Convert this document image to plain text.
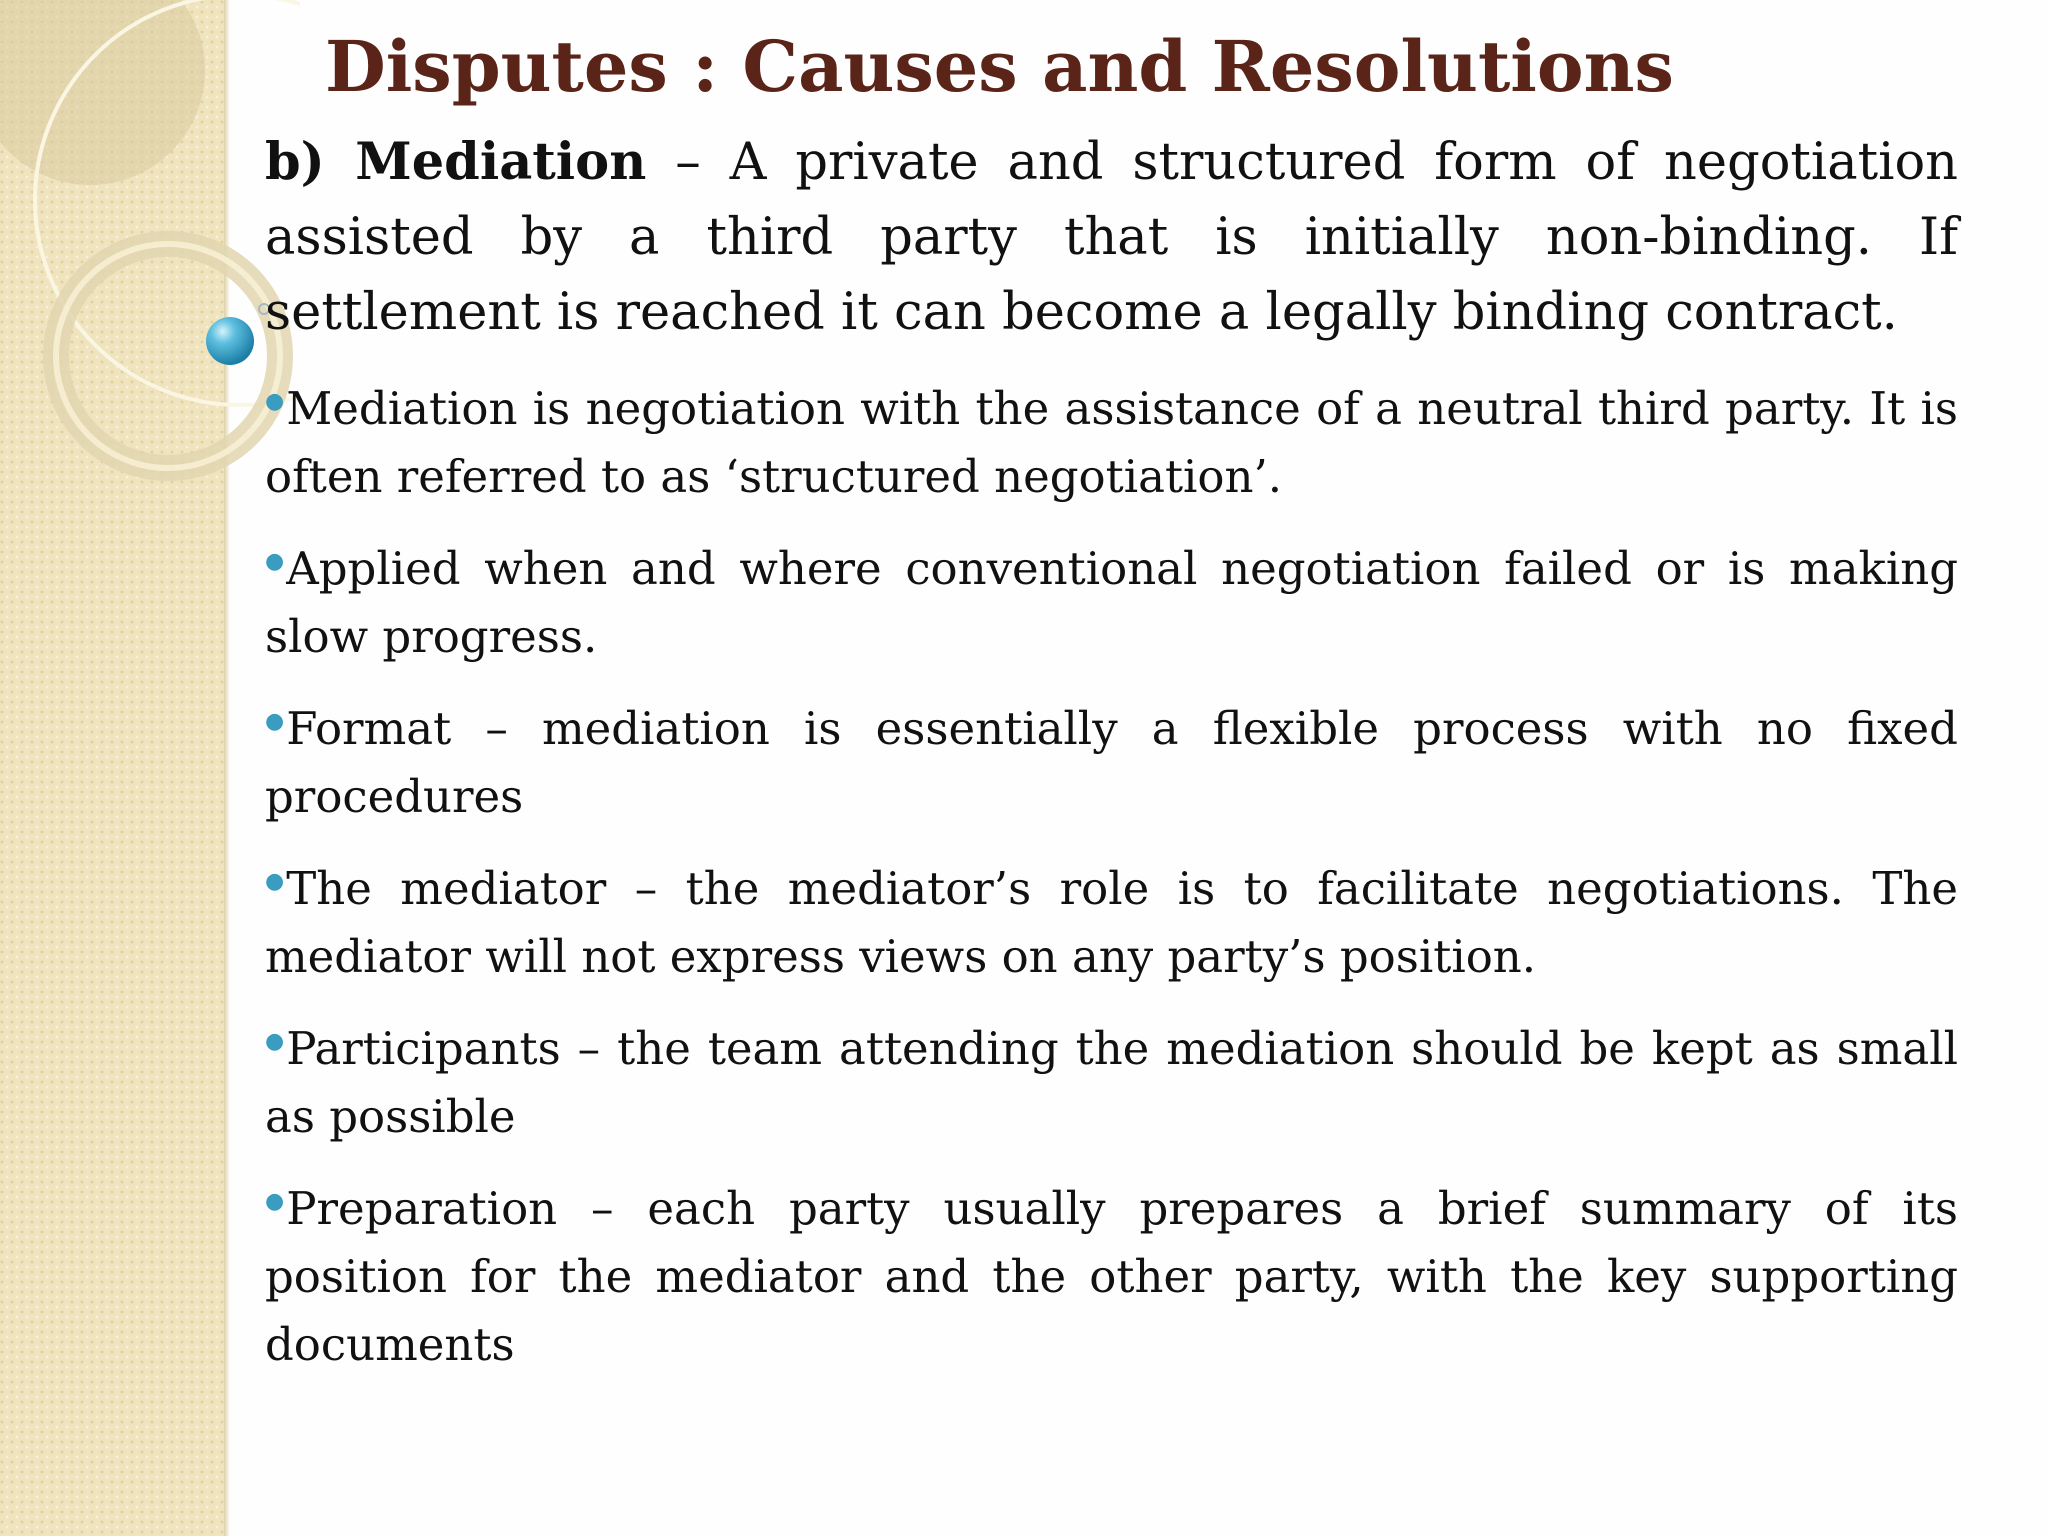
Disputes : Causes and Resolutions

b) Mediation – A private and structured form of negotiation assisted by a third party that is initially non-binding. If settlement is reached it can become a legally binding contract.

●Mediation is negotiation with the assistance of a neutral third party. It is often referred to as ‘structured negotiation’.
●Applied when and where conventional negotiation failed or is making slow progress.
●Format – mediation is essentially a flexible process with no fixed procedures
●The mediator – the mediator’s role is to facilitate negotiations. The mediator will not express views on any party’s position.
●Participants – the team attending the mediation should be kept as small as possible
●Preparation – each party usually prepares a brief summary of its position for the mediator and the other party, with the key supporting documents
